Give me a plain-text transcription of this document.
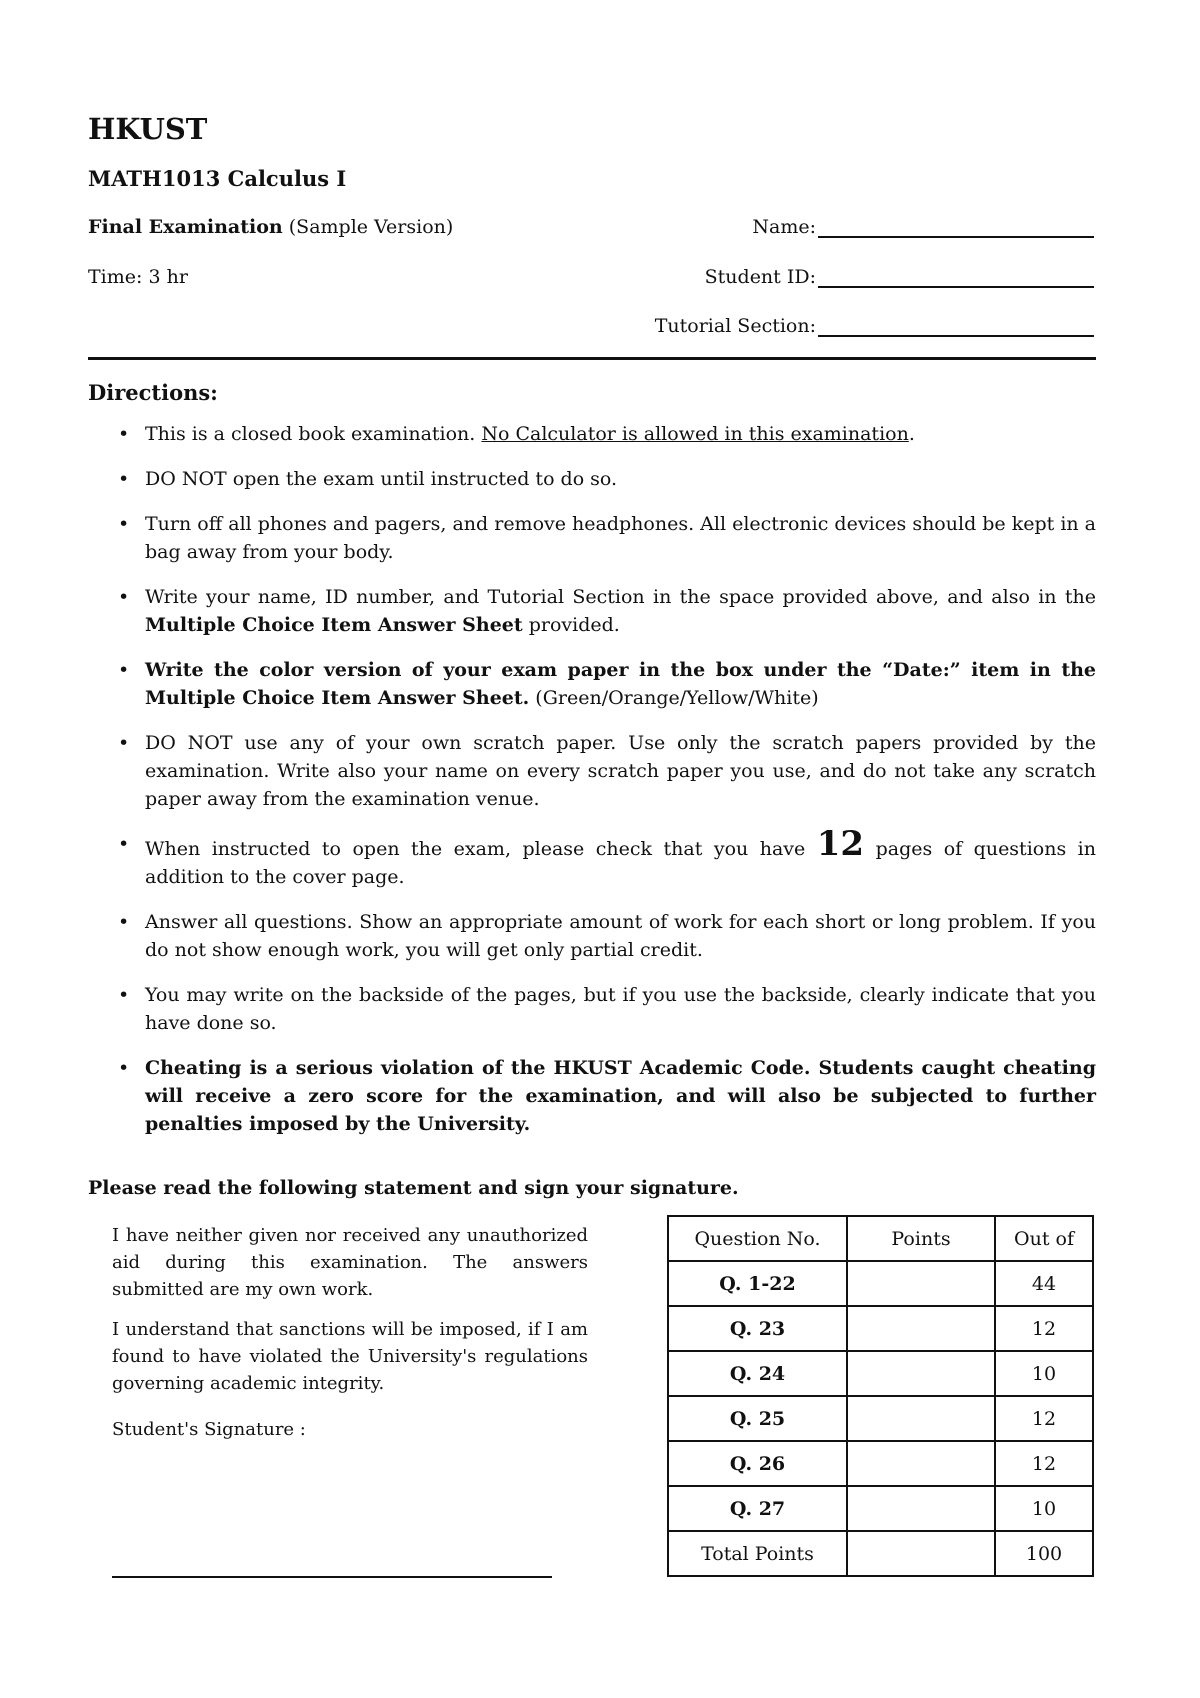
HKUST
MATH1013 Calculus I
Final Examination (Sample Version)
Time: 3 hr
Name:
Student ID:
Tutorial Section:
Directions:
• This is a closed book examination. No Calculator is allowed in this examination.
• DO NOT open the exam until instructed to do so.
• Turn off all phones and pagers, and remove headphones. All electronic devices should be kept in a bag away from your body.
• Write your name, ID number, and Tutorial Section in the space provided above, and also in the Multiple Choice Item Answer Sheet provided.
• Write the color version of your exam paper in the box under the “Date:” item in the Multiple Choice Item Answer Sheet. (Green/Orange/Yellow/White)
• DO NOT use any of your own scratch paper. Use only the scratch papers provided by the examination. Write also your name on every scratch paper you use, and do not take any scratch paper away from the examination venue.
• When instructed to open the exam, please check that you have 12 pages of questions in addition to the cover page.
• Answer all questions. Show an appropriate amount of work for each short or long problem. If you do not show enough work, you will get only partial credit.
• You may write on the backside of the pages, but if you use the backside, clearly indicate that you have done so.
• Cheating is a serious violation of the HKUST Academic Code. Students caught cheating will receive a zero score for the examination, and will also be subjected to further penalties imposed by the University.
Please read the following statement and sign your signature.

I have neither given nor received any unauthorized aid during this examination. The answers submitted are my own work.

I understand that sanctions will be imposed, if I am found to have violated the University's regulations governing academic integrity.

Student's Signature :
Question No.	Points	Out of
Q. 1-22		44
Q. 23		12
Q. 24		10
Q. 25		12
Q. 26		12
Q. 27		10
Total Points		100
